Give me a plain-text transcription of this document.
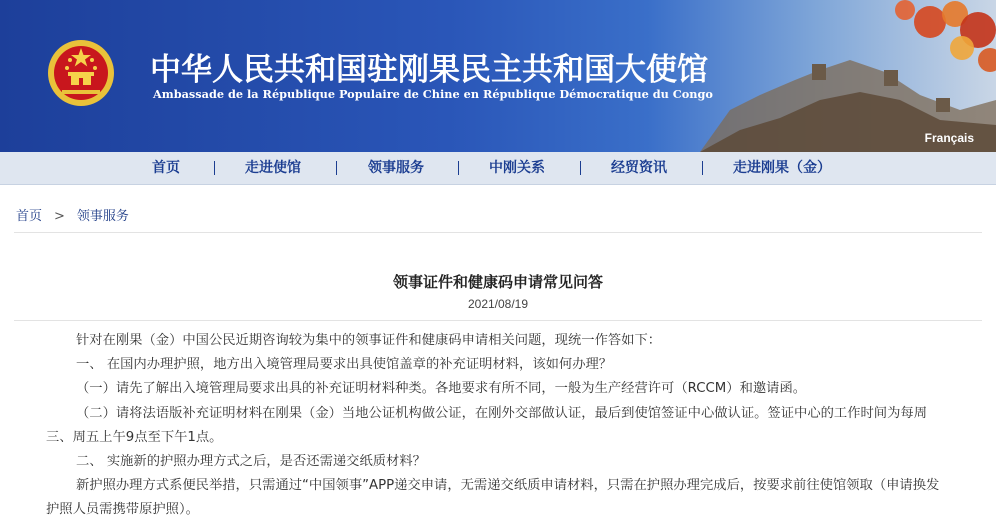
中华人民共和国驻刚果民主共和国大使馆
Ambassade de la République Populaire de Chine en République Démocratique du Congo
Français
首页	走进使馆	领事服务	中刚关系	经贸资讯	走进刚果（金）
首页 > 领事服务
领事证件和健康码申请常见问答
2021/08/19

针对在刚果（金）中国公民近期咨询较为集中的领事证件和健康码申请相关问题，现统一作答如下：

一、 在国内办理护照，地方出入境管理局要求出具使馆盖章的补充证明材料，该如何办理？

（一）请先了解出入境管理局要求出具的补充证明材料种类。各地要求有所不同，一般为生产经营许可（RCCM）和邀请函。

（二）请将法语版补充证明材料在刚果（金）当地公证机构做公证，在刚外交部做认证，最后到使馆签证中心做认证。签证中心的工作时间为每周三、周五上午9点至下午1点。

二、 实施新的护照办理方式之后，是否还需递交纸质材料？

新护照办理方式系便民举措，只需通过“中国领事”APP递交申请，无需递交纸质申请材料，只需在护照办理完成后，按要求前往使馆领取（申请换发护照人员需携带原护照）。
